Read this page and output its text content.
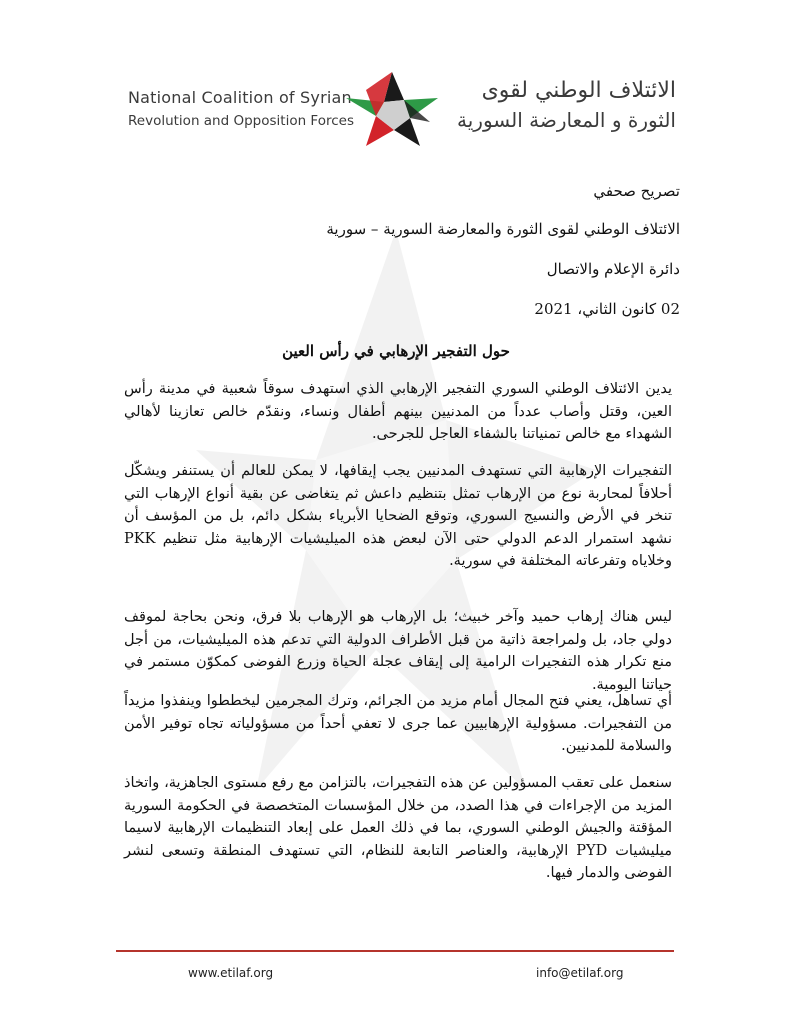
National Coalition of Syrian
Revolution and Opposition Forces
الائتلاف الوطني لقوى
الثورة و المعارضة السورية
تصريح صحفي
الائتلاف الوطني لقوى الثورة والمعارضة السورية – سورية
دائرة الإعلام والاتصال
02 كانون الثاني، 2021
حول التفجير الإرهابي في رأس العين

يدين الائتلاف الوطني السوري التفجير الإرهابي الذي استهدف سوقاً شعبية في مدينة رأس العين، وقتل وأصاب عدداً من المدنيين بينهم أطفال ونساء، ونقدّم خالص تعازينا لأهالي الشهداء مع خالص تمنياتنا بالشفاء العاجل للجرحى.

التفجيرات الإرهابية التي تستهدف المدنيين يجب إيقافها، لا يمكن للعالم أن يستنفر ويشكّل أحلافاً لمحاربة نوع من الإرهاب تمثل بتنظيم داعش ثم يتغاضى عن بقية أنواع الإرهاب التي تنخر في الأرض والنسيج السوري، وتوقع الضحايا الأبرياء بشكل دائم، بل من المؤسف أن نشهد استمرار الدعم الدولي حتى الآن لبعض هذه الميليشيات الإرهابية مثل تنظيم PKK وخلاياه وتفرعاته المختلفة في سورية.

ليس هناك إرهاب حميد وآخر خبيث؛ بل الإرهاب هو الإرهاب بلا فرق، ونحن بحاجة لموقف دولي جاد، بل ولمراجعة ذاتية من قبل الأطراف الدولية التي تدعم هذه الميليشيات، من أجل منع تكرار هذه التفجيرات الرامية إلى إيقاف عجلة الحياة وزرع الفوضى كمكوّن مستمر في حياتنا اليومية.

أي تساهل، يعني فتح المجال أمام مزيد من الجرائم، وترك المجرمين ليخططوا وينفذوا مزيداً من التفجيرات. مسؤولية الإرهابيين عما جرى لا تعفي أحداً من مسؤولياته تجاه توفير الأمن والسلامة للمدنيين.

سنعمل على تعقب المسؤولين عن هذه التفجيرات، بالتزامن مع رفع مستوى الجاهزية، واتخاذ المزيد من الإجراءات في هذا الصدد، من خلال المؤسسات المتخصصة في الحكومة السورية المؤقتة والجيش الوطني السوري، بما في ذلك العمل على إبعاد التنظيمات الإرهابية لاسيما ميليشيات PYD الإرهابية، والعناصر التابعة للنظام، التي تستهدف المنطقة وتسعى لنشر الفوضى والدمار فيها.

www.etilaf.org	info@etilaf.org
